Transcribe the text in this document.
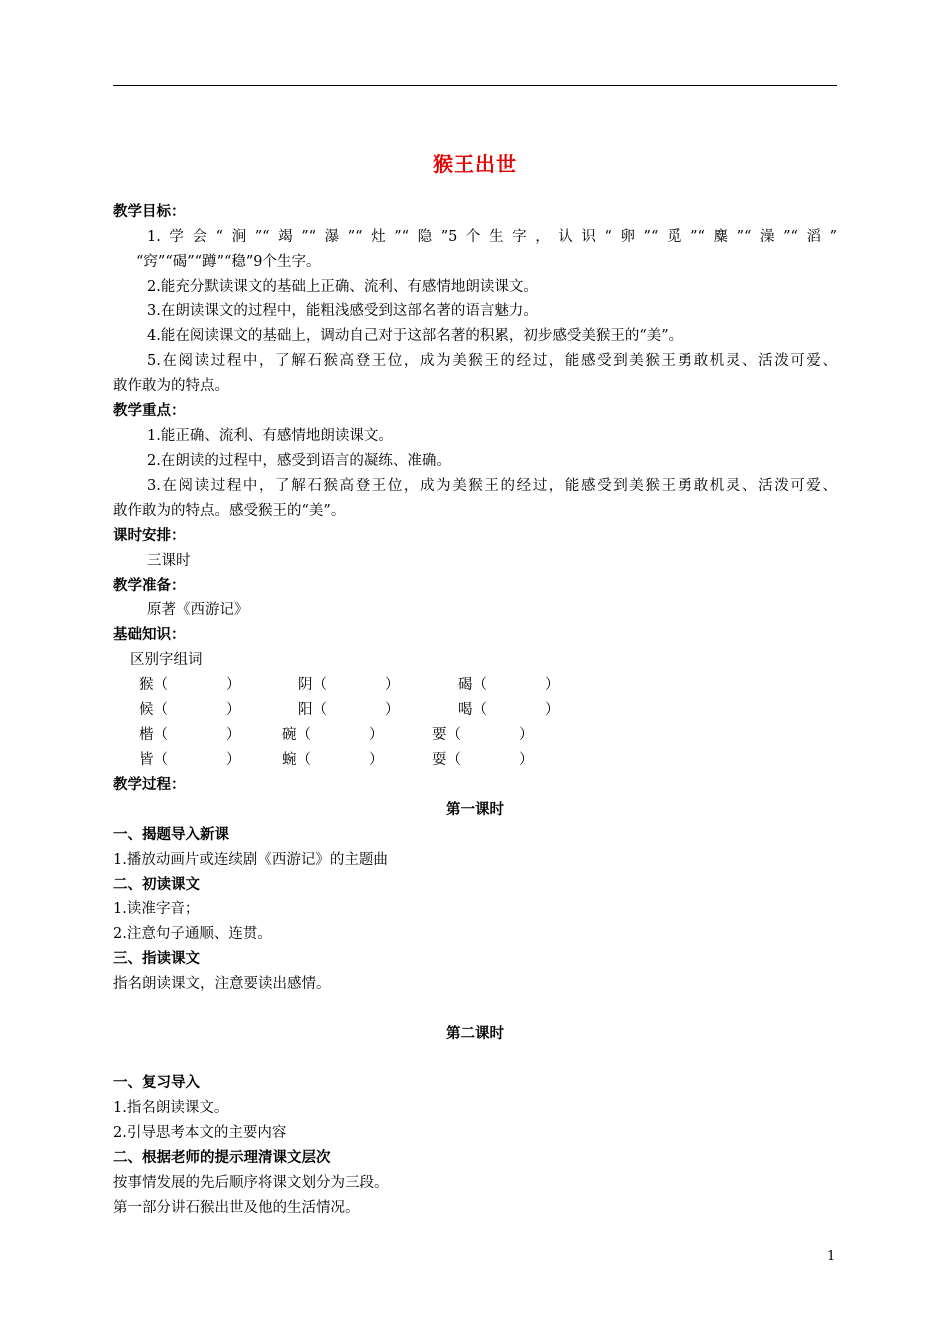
猴王出世
教学目标：
1.学会“涧”“竭”“瀑”“灶”“隐”5个生字，认识“卵”“觅”“麋”“澡”“滔”
“窍”“碣”“蹲”“稳”9个生字。
2.能充分默读课文的基础上正确、流利、有感情地朗读课文。
3.在朗读课文的过程中，能粗浅感受到这部名著的语言魅力。
4.能在阅读课文的基础上，调动自己对于这部名著的积累，初步感受美猴王的“美”。
5.在阅读过程中，了解石猴高登王位，成为美猴王的经过，能感受到美猴王勇敢机灵、活泼可爱、
敢作敢为的特点。
教学重点：
1.能正确、流利、有感情地朗读课文。
2.在朗读的过程中，感受到语言的凝练、准确。
3.在阅读过程中，了解石猴高登王位，成为美猴王的经过，能感受到美猴王勇敢机灵、活泼可爱、
敢作敢为的特点。感受猴王的“美”。
课时安排：
三课时
教学准备：
原著《西游记》
基础知识：
区别字组词
猴（　　　　）	阴（　　　　）	碣（　　　　）
候（　　　　）	阳（　　　　）	喝（　　　　）
楷（　　　　）	碗（　　　　）	要（　　　　）
皆（　　　　）	蜿（　　　　）	耍（　　　　）
教学过程：
第一课时
一、揭题导入新课
1.播放动画片或连续剧《西游记》的主题曲
二、初读课文
1.读准字音；
2.注意句子通顺、连贯。
三、指读课文
指名朗读课文，注意要读出感情。
第二课时
一、复习导入
1.指名朗读课文。
2.引导思考本文的主要内容
二、根据老师的提示理清课文层次
按事情发展的先后顺序将课文划分为三段。
第一部分讲石猴出世及他的生活情况。
1
